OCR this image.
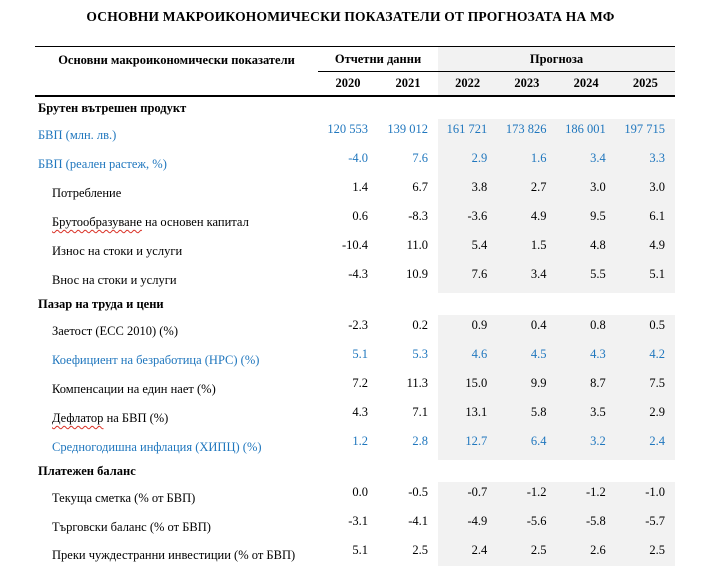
ОСНОВНИ МАКРОИКОНОМИЧЕСКИ ПОКАЗАТЕЛИ ОТ ПРОГНОЗАТА НА МФ
Основни макроикономически показатели	Отчетни данни		Прогноза			
	2020	2021	2022	2023	2024	2025
Брутен вътрешен продукт						
БВП (млн. лв.)	120 553	139 012	161 721	173 826	186 001	197 715
БВП (реален растеж, %)	-4.0	7.6	2.9	1.6	3.4	3.3
Потребление	1.4	6.7	3.8	2.7	3.0	3.0
Брутообразуване на основен капитал	0.6	-8.3	-3.6	4.9	9.5	6.1
Износ на стоки и услуги	-10.4	11.0	5.4	1.5	4.8	4.9
Внос на стоки и услуги	-4.3	10.9	7.6	3.4	5.5	5.1
Пазар на труда и цени						
Заетост (ЕСС 2010) (%)	-2.3	0.2	0.9	0.4	0.8	0.5
Коефициент на безработица (НРС) (%)	5.1	5.3	4.6	4.5	4.3	4.2
Компенсации на един нает (%)	7.2	11.3	15.0	9.9	8.7	7.5
Дефлатор на БВП (%)	4.3	7.1	13.1	5.8	3.5	2.9
Средногодишна инфлация (ХИПЦ) (%)	1.2	2.8	12.7	6.4	3.2	2.4
Платежен баланс						
Текуща сметка (% от БВП)	0.0	-0.5	-0.7	-1.2	-1.2	-1.0
Търговски баланс (% от БВП)	-3.1	-4.1	-4.9	-5.6	-5.8	-5.7
Преки чуждестранни инвестиции (% от БВП)	5.1	2.5	2.4	2.5	2.6	2.5
